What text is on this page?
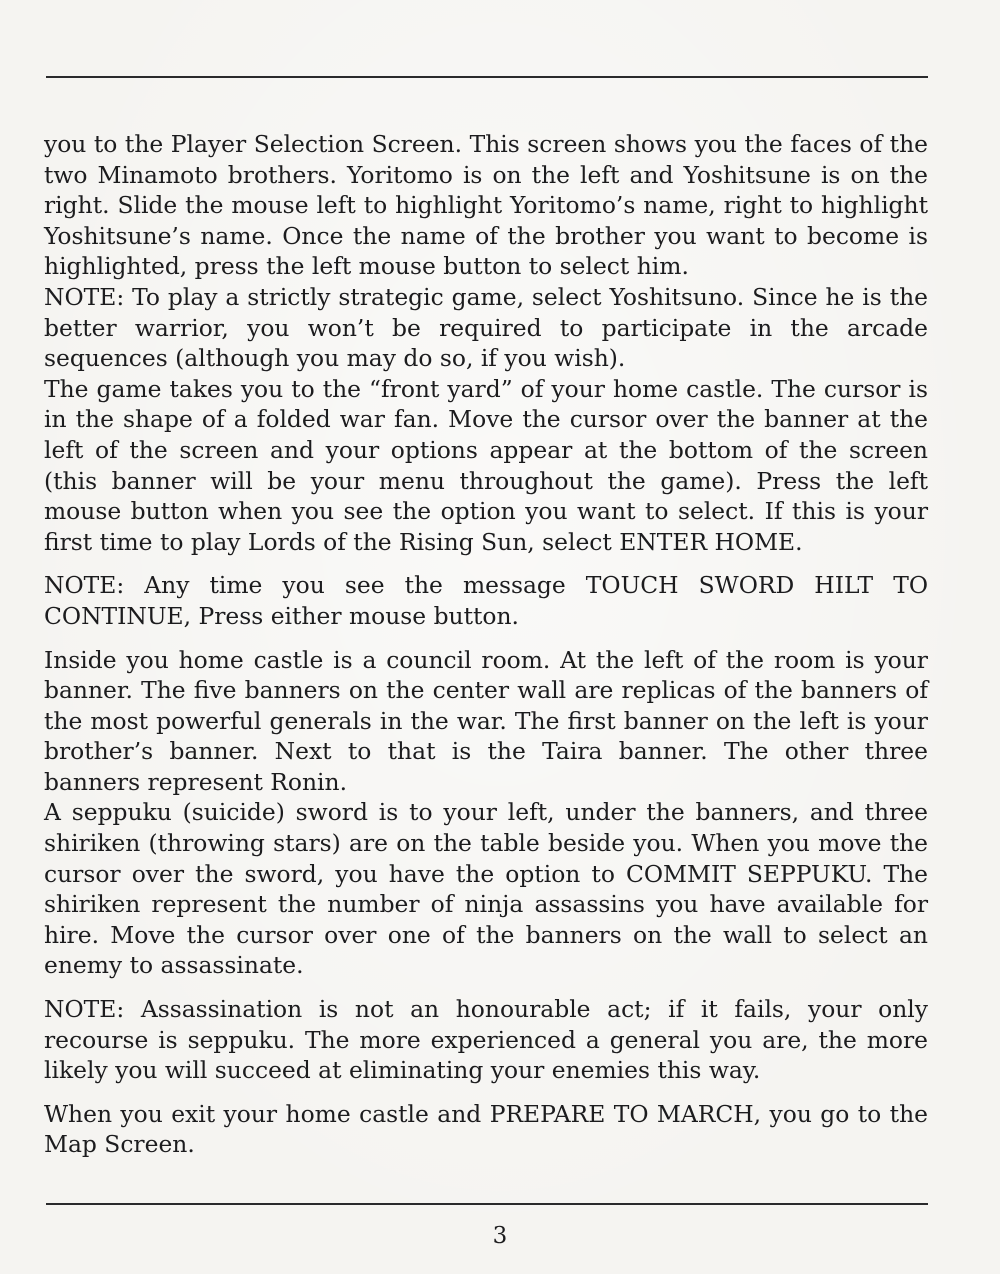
you to the Player Selection Screen. This screen shows you the faces of the two Minamoto brothers. Yoritomo is on the left and Yoshitsune is on the right. Slide the mouse left to highlight Yoritomo’s name, right to highlight Yoshitsune’s name. Once the name of the brother you want to become is highlighted, press the left mouse button to select him.

NOTE: To play a strictly strategic game, select Yoshitsuno. Since he is the better warrior, you won’t be required to participate in the arcade sequences (although you may do so, if you wish).

The game takes you to the “front yard” of your home castle. The cursor is in the shape of a folded war fan. Move the cursor over the banner at the left of the screen and your options appear at the bottom of the screen (this banner will be your menu throughout the game). Press the left mouse button when you see the option you want to select. If this is your first time to play Lords of the Rising Sun, select ENTER HOME.

NOTE: Any time you see the message TOUCH SWORD HILT TO CONTINUE, Press either mouse button.

Inside you home castle is a council room. At the left of the room is your banner. The five banners on the center wall are replicas of the banners of the most powerful generals in the war. The first banner on the left is your brother’s banner. Next to that is the Taira banner. The other three banners represent Ronin.

A seppuku (suicide) sword is to your left, under the banners, and three shiriken (throwing stars) are on the table beside you. When you move the cursor over the sword, you have the option to COMMIT SEPPUKU. The shiriken represent the number of ninja assassins you have available for hire. Move the cursor over one of the banners on the wall to select an enemy to assassinate.

NOTE: Assassination is not an honourable act; if it fails, your only recourse is seppuku. The more experienced a general you are, the more likely you will succeed at eliminating your enemies this way.

When you exit your home castle and PREPARE TO MARCH, you go to the Map Screen.

3
